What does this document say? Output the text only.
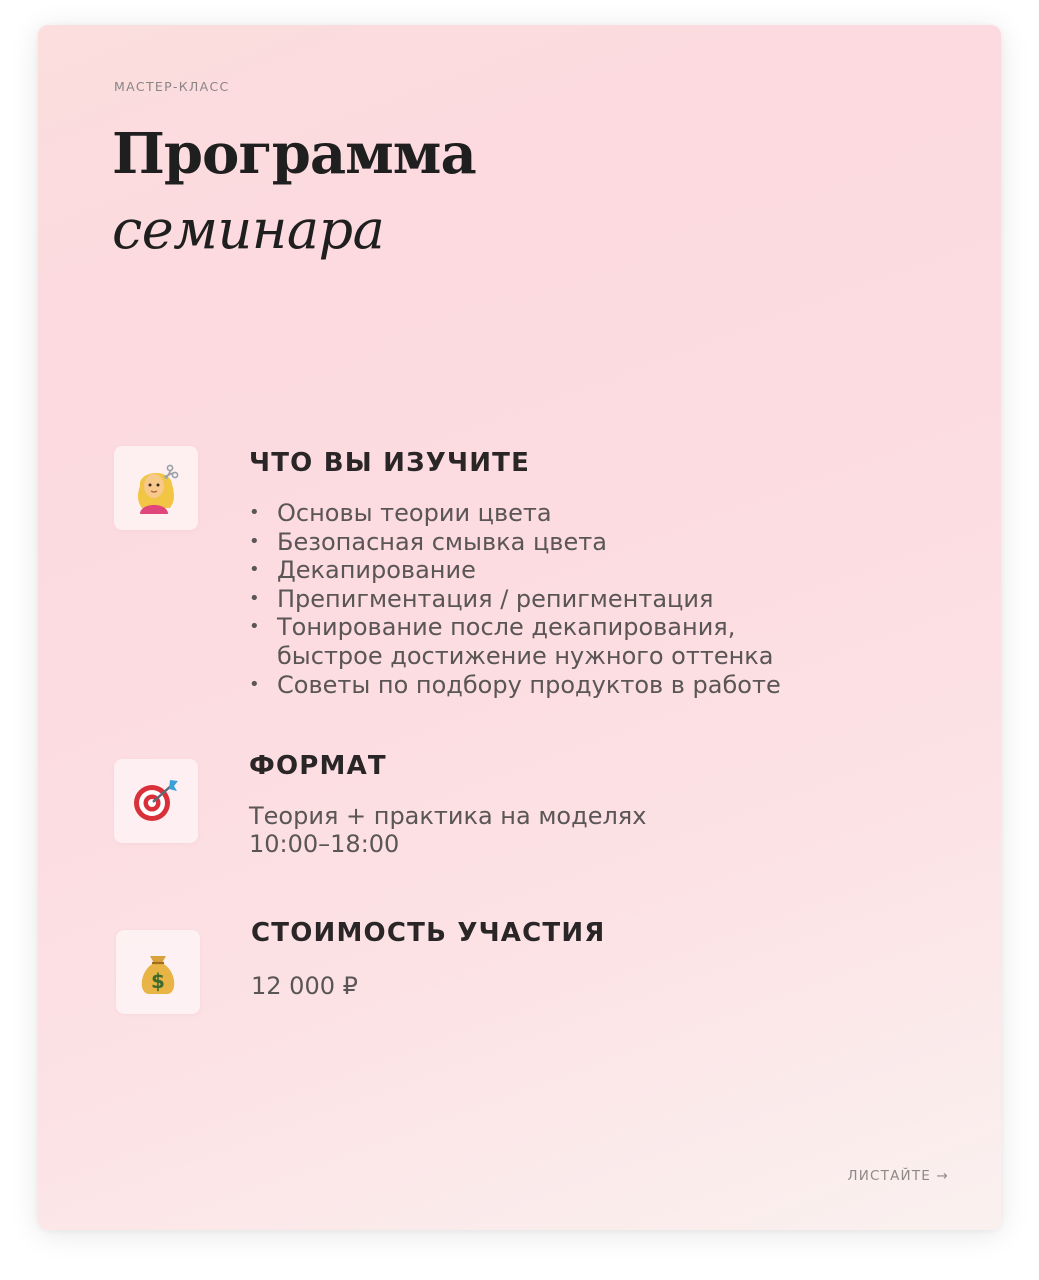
МАСТЕР-КЛАСС
Программа
семинара
ЧТО ВЫ ИЗУЧИТЕ
• Основы теории цвета
• Безопасная смывка цвета
• Декапирование
• Препигментация / репигментация
• Тонирование после декапирования,
быстрое достижение нужного оттенка
• Советы по подбору продуктов в работе
ФОРМАТ
Теория + практика на моделях
10:00–18:00
$
СТОИМОСТЬ УЧАСТИЯ
12 000 ₽
ЛИСТАЙТЕ →
